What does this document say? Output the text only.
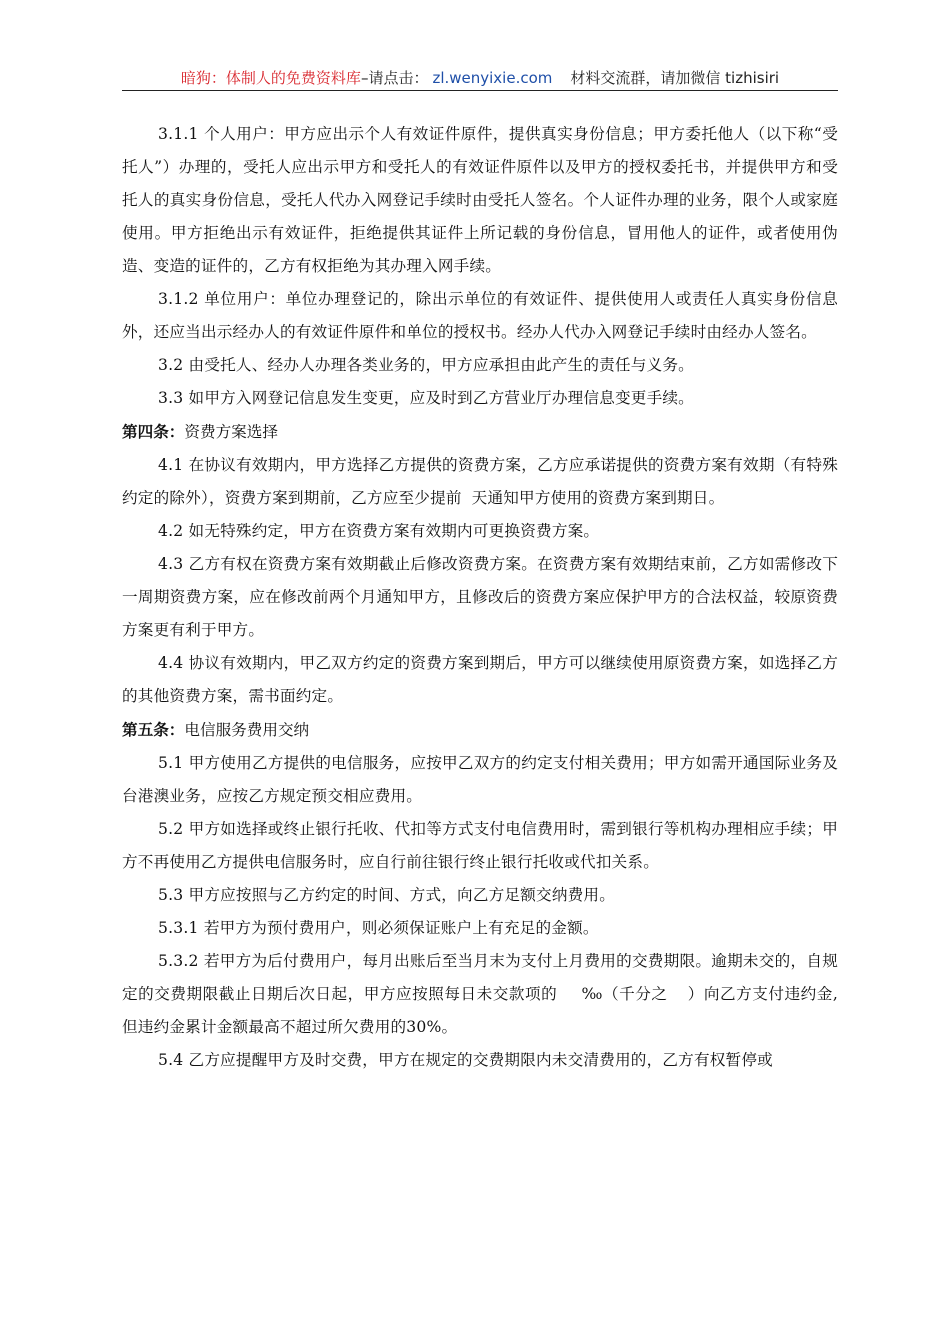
暗狗：体制人的免费资料库–请点击： zl.wenyixie.com 材料交流群，请加微信 tizhisiri

3.1.1 个人用户：甲方应出示个人有效证件原件，提供真实身份信息；甲方委托他人（以下称“受托人”）办理的，受托人应出示甲方和受托人的有效证件原件以及甲方的授权委托书，并提供甲方和受托人的真实身份信息，受托人代办入网登记手续时由受托人签名。个人证件办理的业务，限个人或家庭使用。甲方拒绝出示有效证件，拒绝提供其证件上所记载的身份信息，冒用他人的证件，或者使用伪造、变造的证件的，乙方有权拒绝为其办理入网手续。

3.1.2 单位用户：单位办理登记的，除出示单位的有效证件、提供使用人或责任人真实身份信息外，还应当出示经办人的有效证件原件和单位的授权书。经办人代办入网登记手续时由经办人签名。

3.2 由受托人、经办人办理各类业务的，甲方应承担由此产生的责任与义务。

3.3 如甲方入网登记信息发生变更，应及时到乙方营业厅办理信息变更手续。

第四条：资费方案选择

4.1 在协议有效期内，甲方选择乙方提供的资费方案，乙方应承诺提供的资费方案有效期（有特殊约定的除外），资费方案到期前，乙方应至少提前 天通知甲方使用的资费方案到期日。

4.2 如无特殊约定，甲方在资费方案有效期内可更换资费方案。

4.3 乙方有权在资费方案有效期截止后修改资费方案。在资费方案有效期结束前，乙方如需修改下一周期资费方案，应在修改前两个月通知甲方，且修改后的资费方案应保护甲方的合法权益，较原资费方案更有利于甲方。

4.4 协议有效期内，甲乙双方约定的资费方案到期后，甲方可以继续使用原资费方案，如选择乙方的其他资费方案，需书面约定。

第五条：电信服务费用交纳

5.1 甲方使用乙方提供的电信服务，应按甲乙双方的约定支付相关费用；甲方如需开通国际业务及台港澳业务，应按乙方规定预交相应费用。

5.2 甲方如选择或终止银行托收、代扣等方式支付电信费用时，需到银行等机构办理相应手续；甲方不再使用乙方提供电信服务时，应自行前往银行终止银行托收或代扣关系。

5.3 甲方应按照与乙方约定的时间、方式，向乙方足额交纳费用。

5.3.1 若甲方为预付费用户，则必须保证账户上有充足的金额。

5.3.2 若甲方为后付费用户，每月出账后至当月末为支付上月费用的交费期限。逾期未交的，自规定的交费期限截止日期后次日起，甲方应按照每日未交款项的 ‰（千分之 ）向乙方支付违约金,但违约金累计金额最高不超过所欠费用的30%。

5.4 乙方应提醒甲方及时交费，甲方在规定的交费期限内未交清费用的，乙方有权暂停或
